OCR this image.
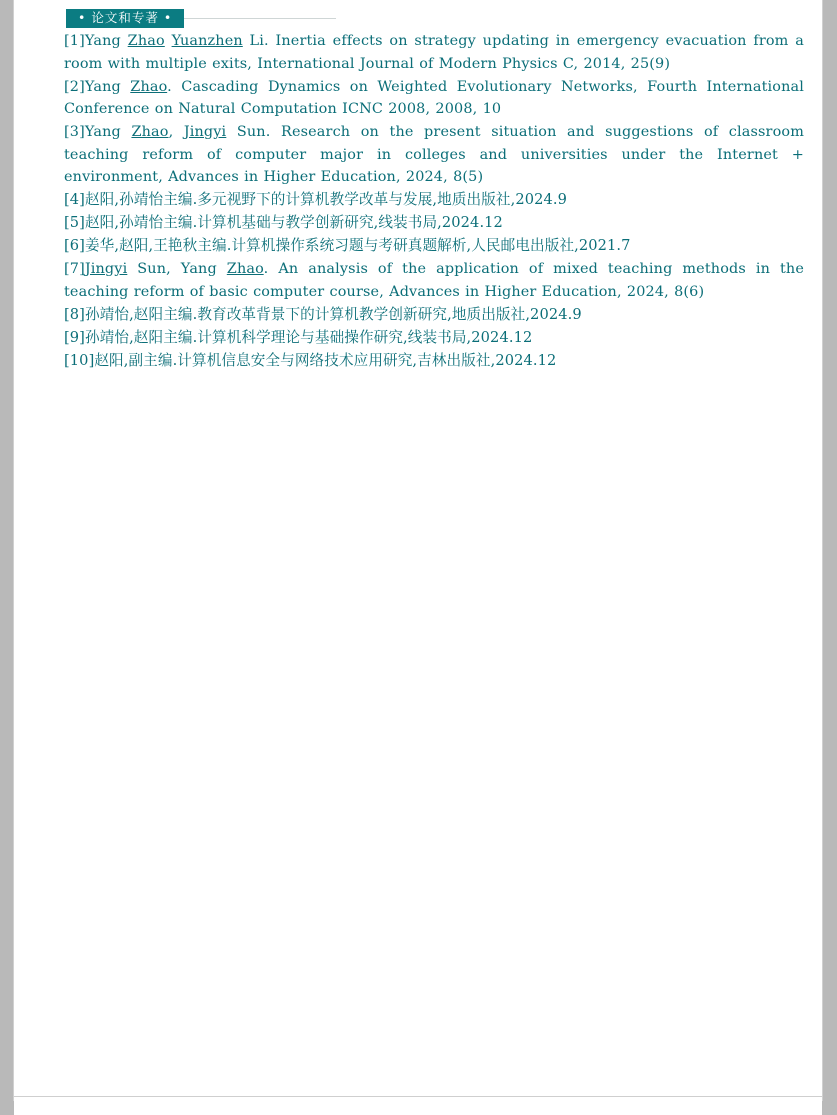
• 论文和专著 •

[1]Yang Zhao Yuanzhen Li. Inertia effects on strategy updating in emergency evacuation from a room with multiple exits, International Journal of Modern Physics C, 2014, 25(9)

[2]Yang Zhao. Cascading Dynamics on Weighted Evolutionary Networks, Fourth International Conference on Natural Computation ICNC 2008, 2008, 10

[3]Yang Zhao, Jingyi Sun. Research on the present situation and suggestions of classroom teaching reform of computer major in colleges and universities under the Internet + environment, Advances in Higher Education, 2024, 8(5)

[4]赵阳,孙靖怡主编.多元视野下的计算机教学改革与发展,地质出版社,2024.9

[5]赵阳,孙靖怡主编.计算机基础与教学创新研究,线装书局,2024.12

[6]姜华,赵阳,王艳秋主编.计算机操作系统习题与考研真题解析,人民邮电出版社,2021.7

[7]Jingyi Sun, Yang Zhao. An analysis of the application of mixed teaching methods in the teaching reform of basic computer course, Advances in Higher Education, 2024, 8(6)

[8]孙靖怡,赵阳主编.教育改革背景下的计算机教学创新研究,地质出版社,2024.9

[9]孙靖怡,赵阳主编.计算机科学理论与基础操作研究,线装书局,2024.12

[10]赵阳,副主编.计算机信息安全与网络技术应用研究,吉林出版社,2024.12
